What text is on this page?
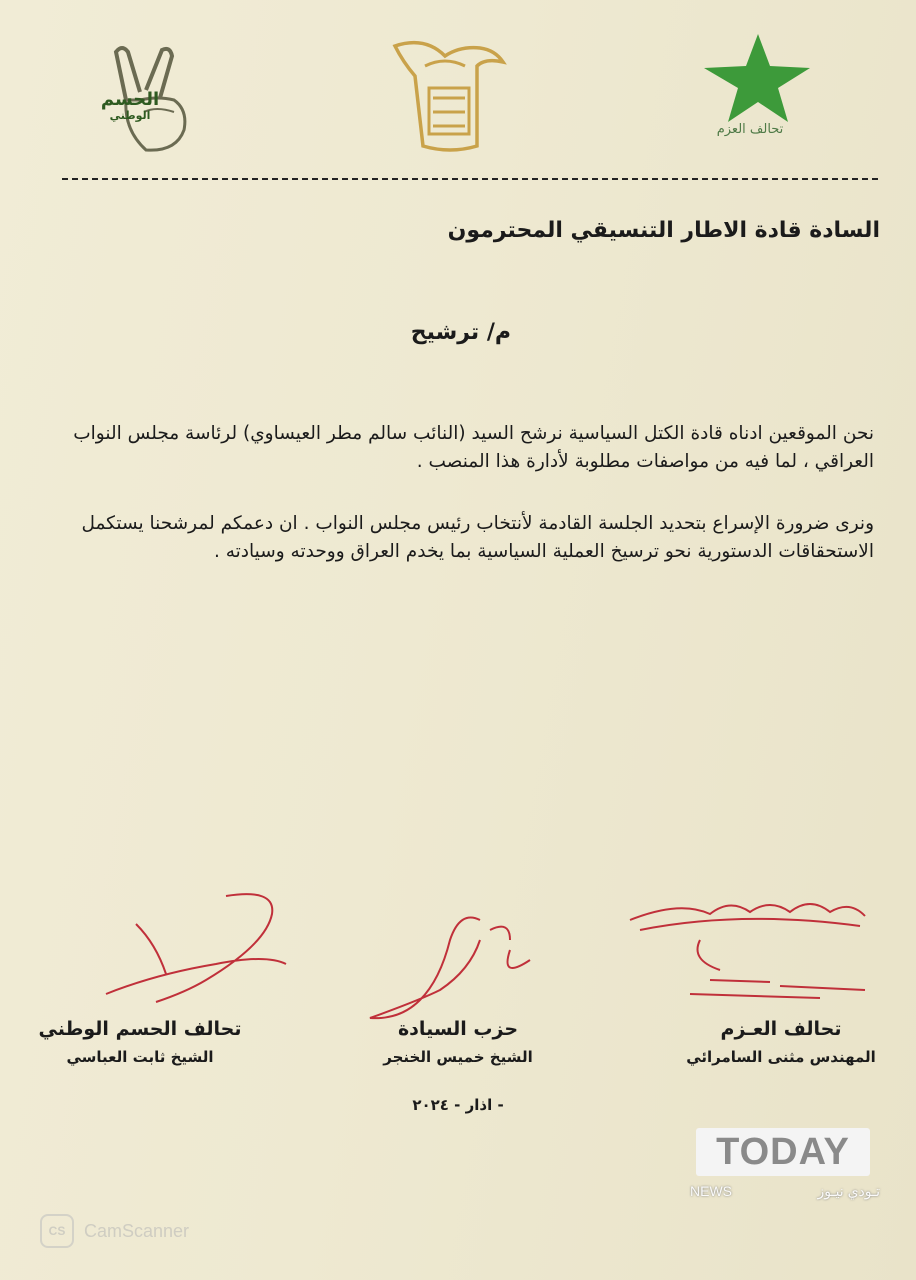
الحسم
الوطني
تحالف العزم
السادة قادة الاطار التنسيقي المحترمون
م/ ترشيح
نحن الموقعين ادناه قادة الكتل السياسية نرشح السيد (النائب سالم مطر العيساوي) لرئاسة مجلس النواب العراقي ، لما فيه من مواصفات مطلوبة لأدارة هذا المنصب .
ونرى ضرورة الإسراع بتحديد الجلسة القادمة لأنتخاب رئيس مجلس النواب . ان دعمكم لمرشحنا يستكمل الاستحقاقات الدستورية نحو ترسيخ العملية السياسية بما يخدم العراق ووحدته وسيادته .
تحالف العـزم
المهندس مثنى السامرائي
حزب السيادة
الشيخ خميس الخنجر
تحالف الحسم الوطني
الشيخ ثابت العباسي
- اذار - ٢٠٢٤
TODAY
NEWS	تـودي نيـوز
CS	CamScanner
